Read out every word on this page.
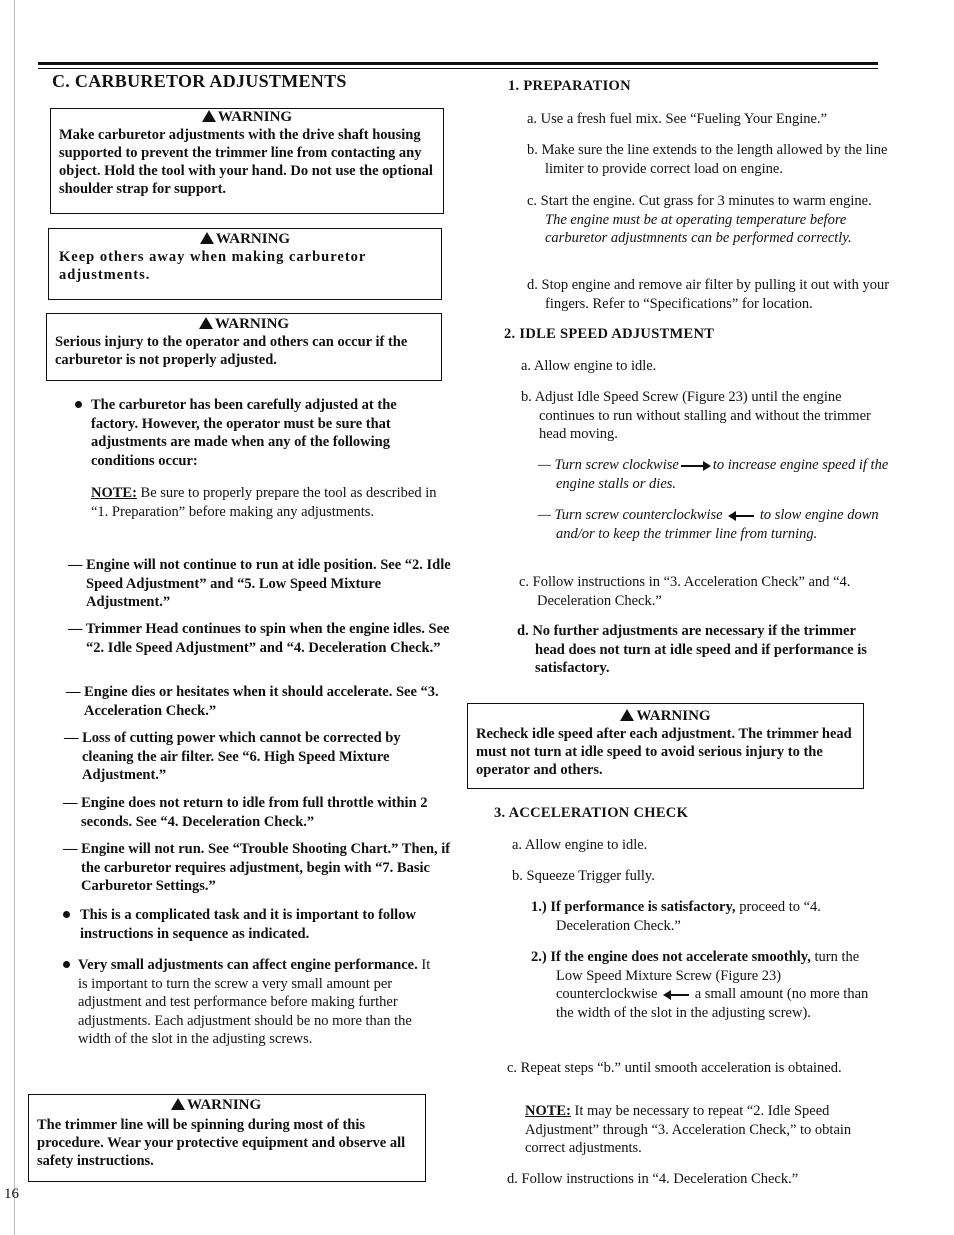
C. CARBURETOR ADJUSTMENTS
WARNING

Make carburetor adjustments with the drive shaft housing supported to prevent the trimmer line from contacting any object. Hold the tool with your hand. Do not use the optional shoulder strap for support.

WARNING

Keep others away when making carburetor adjustments.

WARNING

Serious injury to the operator and others can occur if the carburetor is not properly adjusted.

The carburetor has been carefully adjusted at the factory. However, the operator must be sure that adjustments are made when any of the following conditions occur:
NOTE: Be sure to properly prepare the tool as described in “1. Preparation” before making any adjustments.
— Engine will not continue to run at idle position. See “2. Idle Speed Adjustment” and “5. Low Speed Mixture Adjustment.”
— Trimmer Head continues to spin when the engine idles. See “2. Idle Speed Adjustment” and “4. Deceleration Check.”
— Engine dies or hesitates when it should accelerate. See “3. Acceleration Check.”
— Loss of cutting power which cannot be corrected by cleaning the air filter. See “6. High Speed Mixture Adjustment.”
— Engine does not return to idle from full throttle within 2 seconds. See “4. Deceleration Check.”
— Engine will not run. See “Trouble Shooting Chart.” Then, if the carburetor requires adjustment, begin with “7. Basic Carburetor Settings.”
This is a complicated task and it is important to follow instructions in sequence as indicated.
Very small adjustments can affect engine performance. It is important to turn the screw a very small amount per adjustment and test performance before making further adjustments. Each adjustment should be no more than the width of the slot in the adjusting screws.
WARNING

The trimmer line will be spinning during most of this procedure. Wear your protective equipment and observe all safety instructions.

16
1. PREPARATION
a. Use a fresh fuel mix. See “Fueling Your Engine.”
b. Make sure the line extends to the length allowed by the line limiter to provide correct load on engine.
c. Start the engine. Cut grass for 3 minutes to warm engine. The engine must be at operating temperature before carburetor adjustmnents can be performed correctly.
d. Stop engine and remove air filter by pulling it out with your fingers. Refer to “Specifications” for location.
2. IDLE SPEED ADJUSTMENT
a. Allow engine to idle.
b. Adjust Idle Speed Screw (Figure 23) until the engine continues to run without stalling and without the trimmer head moving.
— Turn screw clockwise to increase engine speed if the engine stalls or dies.
— Turn screw counterclockwise	to slow engine down and/or to keep the trimmer line from turning.
c. Follow instructions in “3. Acceleration Check” and “4. Deceleration Check.”
d. No further adjustments are necessary if the trimmer head does not turn at idle speed and if performance is satisfactory.
WARNING

Recheck idle speed after each adjustment. The trimmer head must not turn at idle speed to avoid serious injury to the operator and others.

3. ACCELERATION CHECK
a. Allow engine to idle.
b. Squeeze Trigger fully.
1.) If performance is satisfactory, proceed to “4. Deceleration Check.”
2.) If the engine does not accelerate smoothly, turn the Low Speed Mixture Screw (Figure 23) counterclockwise	a small amount (no more than the width of the slot in the adjusting screw).
c. Repeat steps “b.” until smooth acceleration is obtained.
NOTE: It may be necessary to repeat “2. Idle Speed Adjustment” through “3. Acceleration Check,” to obtain correct adjustments.
d. Follow instructions in “4. Deceleration Check.”
